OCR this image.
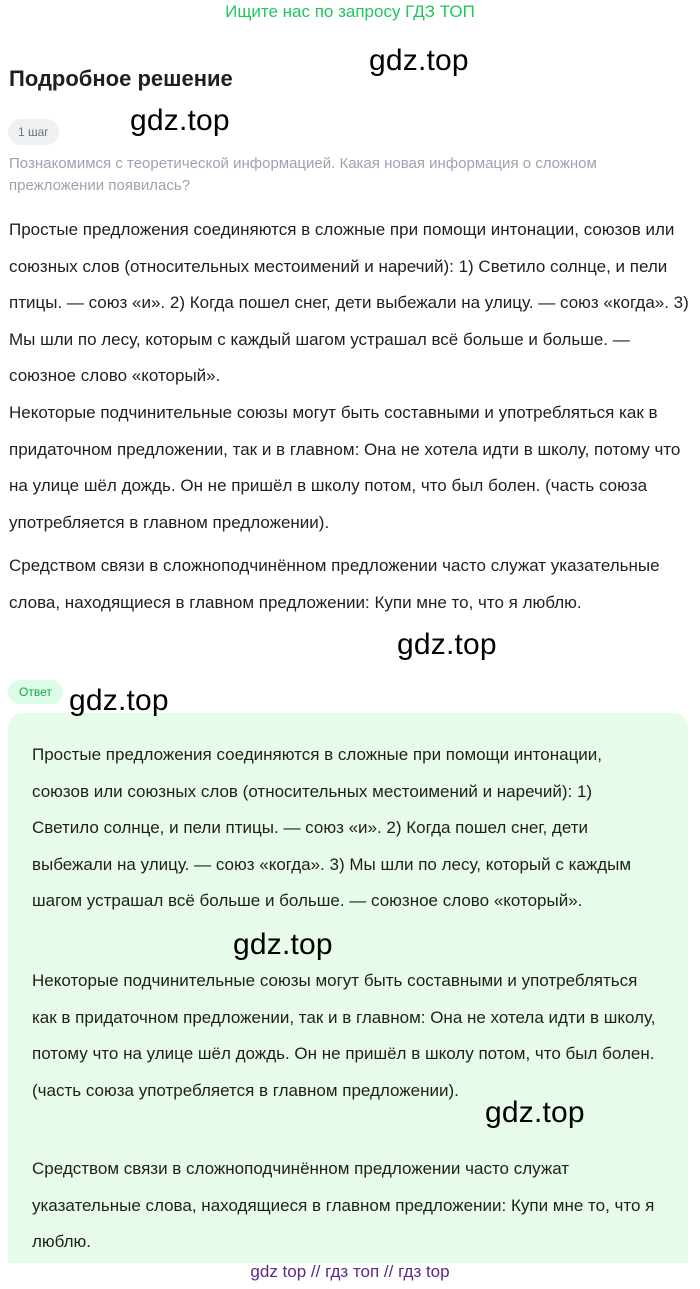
Ищите нас по запросу ГДЗ ТОП
Подробное решение
1 шаг
Познакомимся с теоретической информацией. Какая новая информация о сложном прежложении появилась?

Простые предложения соединяются в сложные при помощи интонации, союзов или союзных слов (относительных местоимений и наречий): 1) Светило солнце, и пели птицы. — союз «и». 2) Когда пошел снег, дети выбежали на улицу. — союз «когда». 3) Мы шли по лесу, которым с каждый шагом устрашал всё больше и больше. — союзное слово «который».

Некоторые подчинительные союзы могут быть составными и употребляться как в придаточном предложении, так и в главном: Она не хотела идти в школу, потому что на улице шёл дождь. Он не пришёл в школу потом, что был болен. (часть союза употребляется в главном предложении).

Средством связи в сложноподчинённом предложении часто служат указательные слова, находящиеся в главном предложении: Купи мне то, что я люблю.

Ответ

Простые предложения соединяются в сложные при помощи интонации, союзов или союзных слов (относительных местоимений и наречий): 1) Светило солнце, и пели птицы. — союз «и». 2) Когда пошел снег, дети выбежали на улицу. — союз «когда». 3) Мы шли по лесу, который с каждым шагом устрашал всё больше и больше. — союзное слово «который».

Некоторые подчинительные союзы могут быть составными и употребляться как в придаточном предложении, так и в главном: Она не хотела идти в школу, потому что на улице шёл дождь. Он не пришёл в школу потом, что был болен. (часть союза употребляется в главном предложении).

Средством связи в сложноподчинённом предложении часто служат указательные слова, находящиеся в главном предложении: Купи мне то, что я люблю.

gdz.top
gdz.top
gdz.top
gdz.top
gdz.top
gdz.top
gdz top // гдз топ // гдз top
